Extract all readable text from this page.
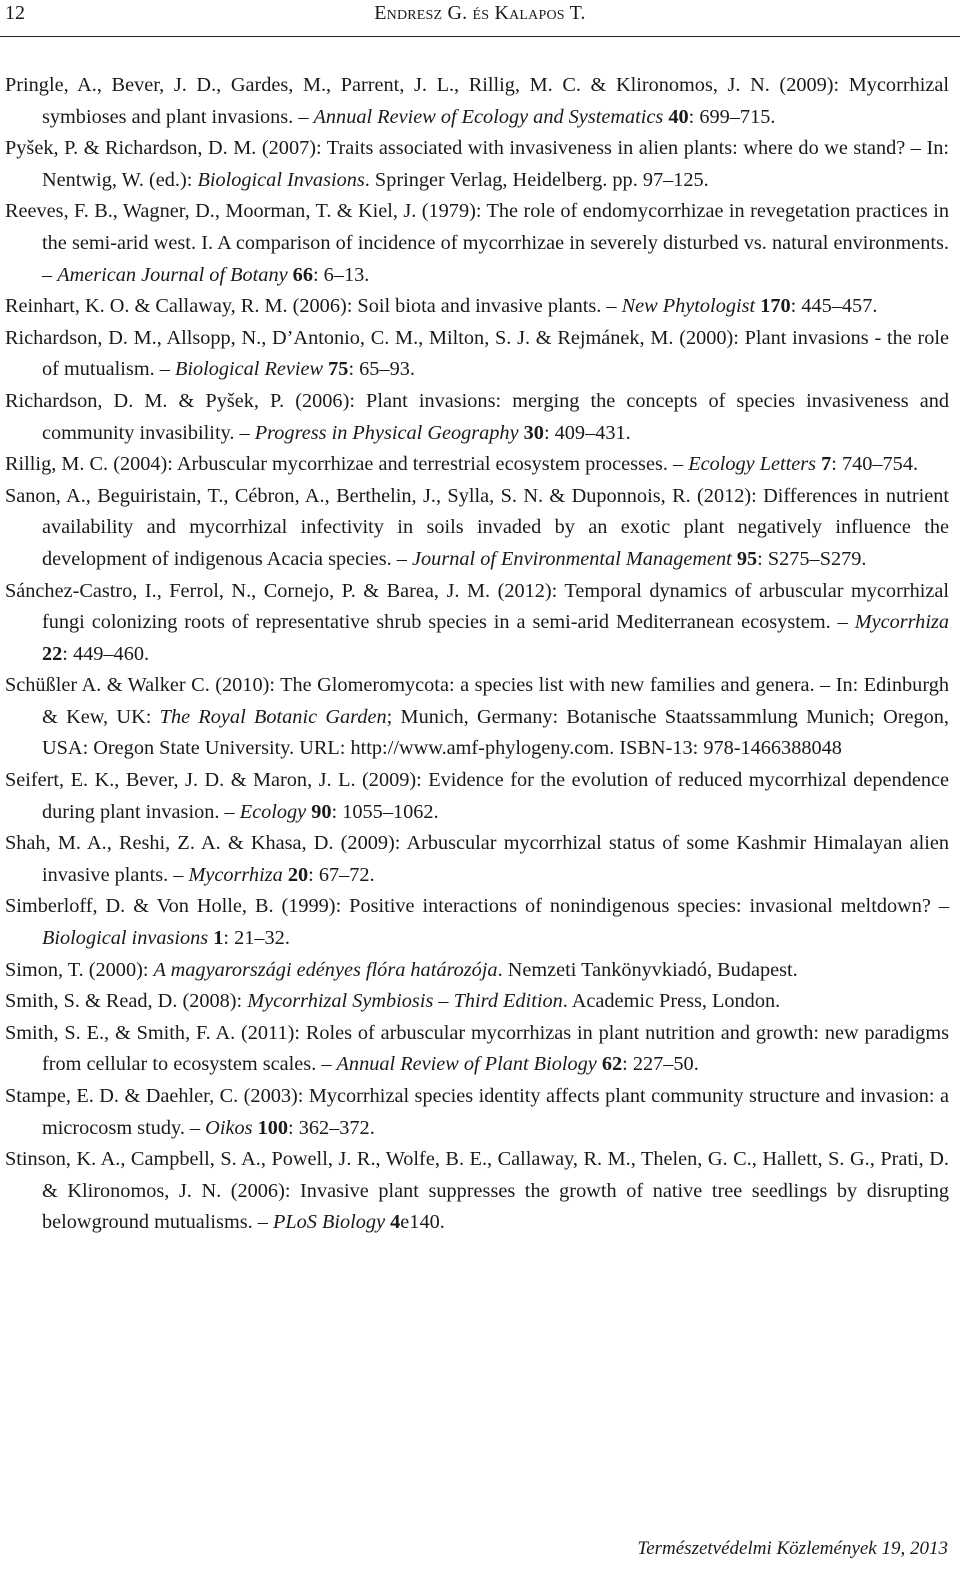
12	Endresz G. és Kalapos T.
Pringle, A., Bever, J. D., Gardes, M., Parrent, J. L., Rillig, M. C. & Klironomos, J. N. (2009): Mycorrhizal symbioses and plant invasions. – Annual Review of Ecology and Systematics 40: 699–715.
Pyšek, P. & Richardson, D. M. (2007): Traits associated with invasiveness in alien plants: where do we stand? – In: Nentwig, W. (ed.): Biological Invasions. Springer Verlag, Heidelberg. pp. 97–125.
Reeves, F. B., Wagner, D., Moorman, T. & Kiel, J. (1979): The role of endomycorrhizae in revegetation practices in the semi-arid west. I. A comparison of incidence of mycorrhizae in severely disturbed vs. natural environments. – American Journal of Botany 66: 6–13.
Reinhart, K. O. & Callaway, R. M. (2006): Soil biota and invasive plants. – New Phytologist 170: 445–457.
Richardson, D. M., Allsopp, N., D’Antonio, C. M., Milton, S. J. & Rejmánek, M. (2000): Plant invasions - the role of mutualism. – Biological Review 75: 65–93.
Richardson, D. M. & Pyšek, P. (2006): Plant invasions: merging the concepts of species invasiveness and community invasibility. – Progress in Physical Geography 30: 409–431.
Rillig, M. C. (2004): Arbuscular mycorrhizae and terrestrial ecosystem processes. – Ecology Letters 7: 740–754.
Sanon, A., Beguiristain, T., Cébron, A., Berthelin, J., Sylla, S. N. & Duponnois, R. (2012): Differences in nutrient availability and mycorrhizal infectivity in soils invaded by an exotic plant negatively influence the development of indigenous Acacia species. – Journal of Environmental Management 95: S275–S279.
Sánchez-Castro, I., Ferrol, N., Cornejo, P. & Barea, J. M. (2012): Temporal dynamics of arbuscular mycorrhizal fungi colonizing roots of representative shrub species in a semi-arid Mediterranean ecosystem. – Mycorrhiza 22: 449–460.
Schüßler A. & Walker C. (2010): The Glomeromycota: a species list with new families and genera. – In: Edinburgh & Kew, UK: The Royal Botanic Garden; Munich, Germany: Botanische Staatssammlung Munich; Oregon, USA: Oregon State University. URL: http://www.amf-phylogeny.com. ISBN-13: 978-1466388048
Seifert, E. K., Bever, J. D. & Maron, J. L. (2009): Evidence for the evolution of reduced mycorrhizal dependence during plant invasion. – Ecology 90: 1055–1062.
Shah, M. A., Reshi, Z. A. & Khasa, D. (2009): Arbuscular mycorrhizal status of some Kashmir Himalayan alien invasive plants. – Mycorrhiza 20: 67–72.
Simberloff, D. & Von Holle, B. (1999): Positive interactions of nonindigenous species: invasional meltdown? – Biological invasions 1: 21–32.
Simon, T. (2000): A magyarországi edényes flóra határozója. Nemzeti Tankönyvkiadó, Budapest.
Smith, S. & Read, D. (2008): Mycorrhizal Symbiosis – Third Edition. Academic Press, London.
Smith, S. E., & Smith, F. A. (2011): Roles of arbuscular mycorrhizas in plant nutrition and growth: new paradigms from cellular to ecosystem scales. – Annual Review of Plant Biology 62: 227–50.
Stampe, E. D. & Daehler, C. (2003): Mycorrhizal species identity affects plant community structure and invasion: a microcosm study. – Oikos 100: 362–372.
Stinson, K. A., Campbell, S. A., Powell, J. R., Wolfe, B. E., Callaway, R. M., Thelen, G. C., Hallett, S. G., Prati, D. & Klironomos, J. N. (2006): Invasive plant suppresses the growth of native tree seedlings by disrupting belowground mutualisms. – PLoS Biology 4e140.
Természetvédelmi Közlemények 19, 2013
